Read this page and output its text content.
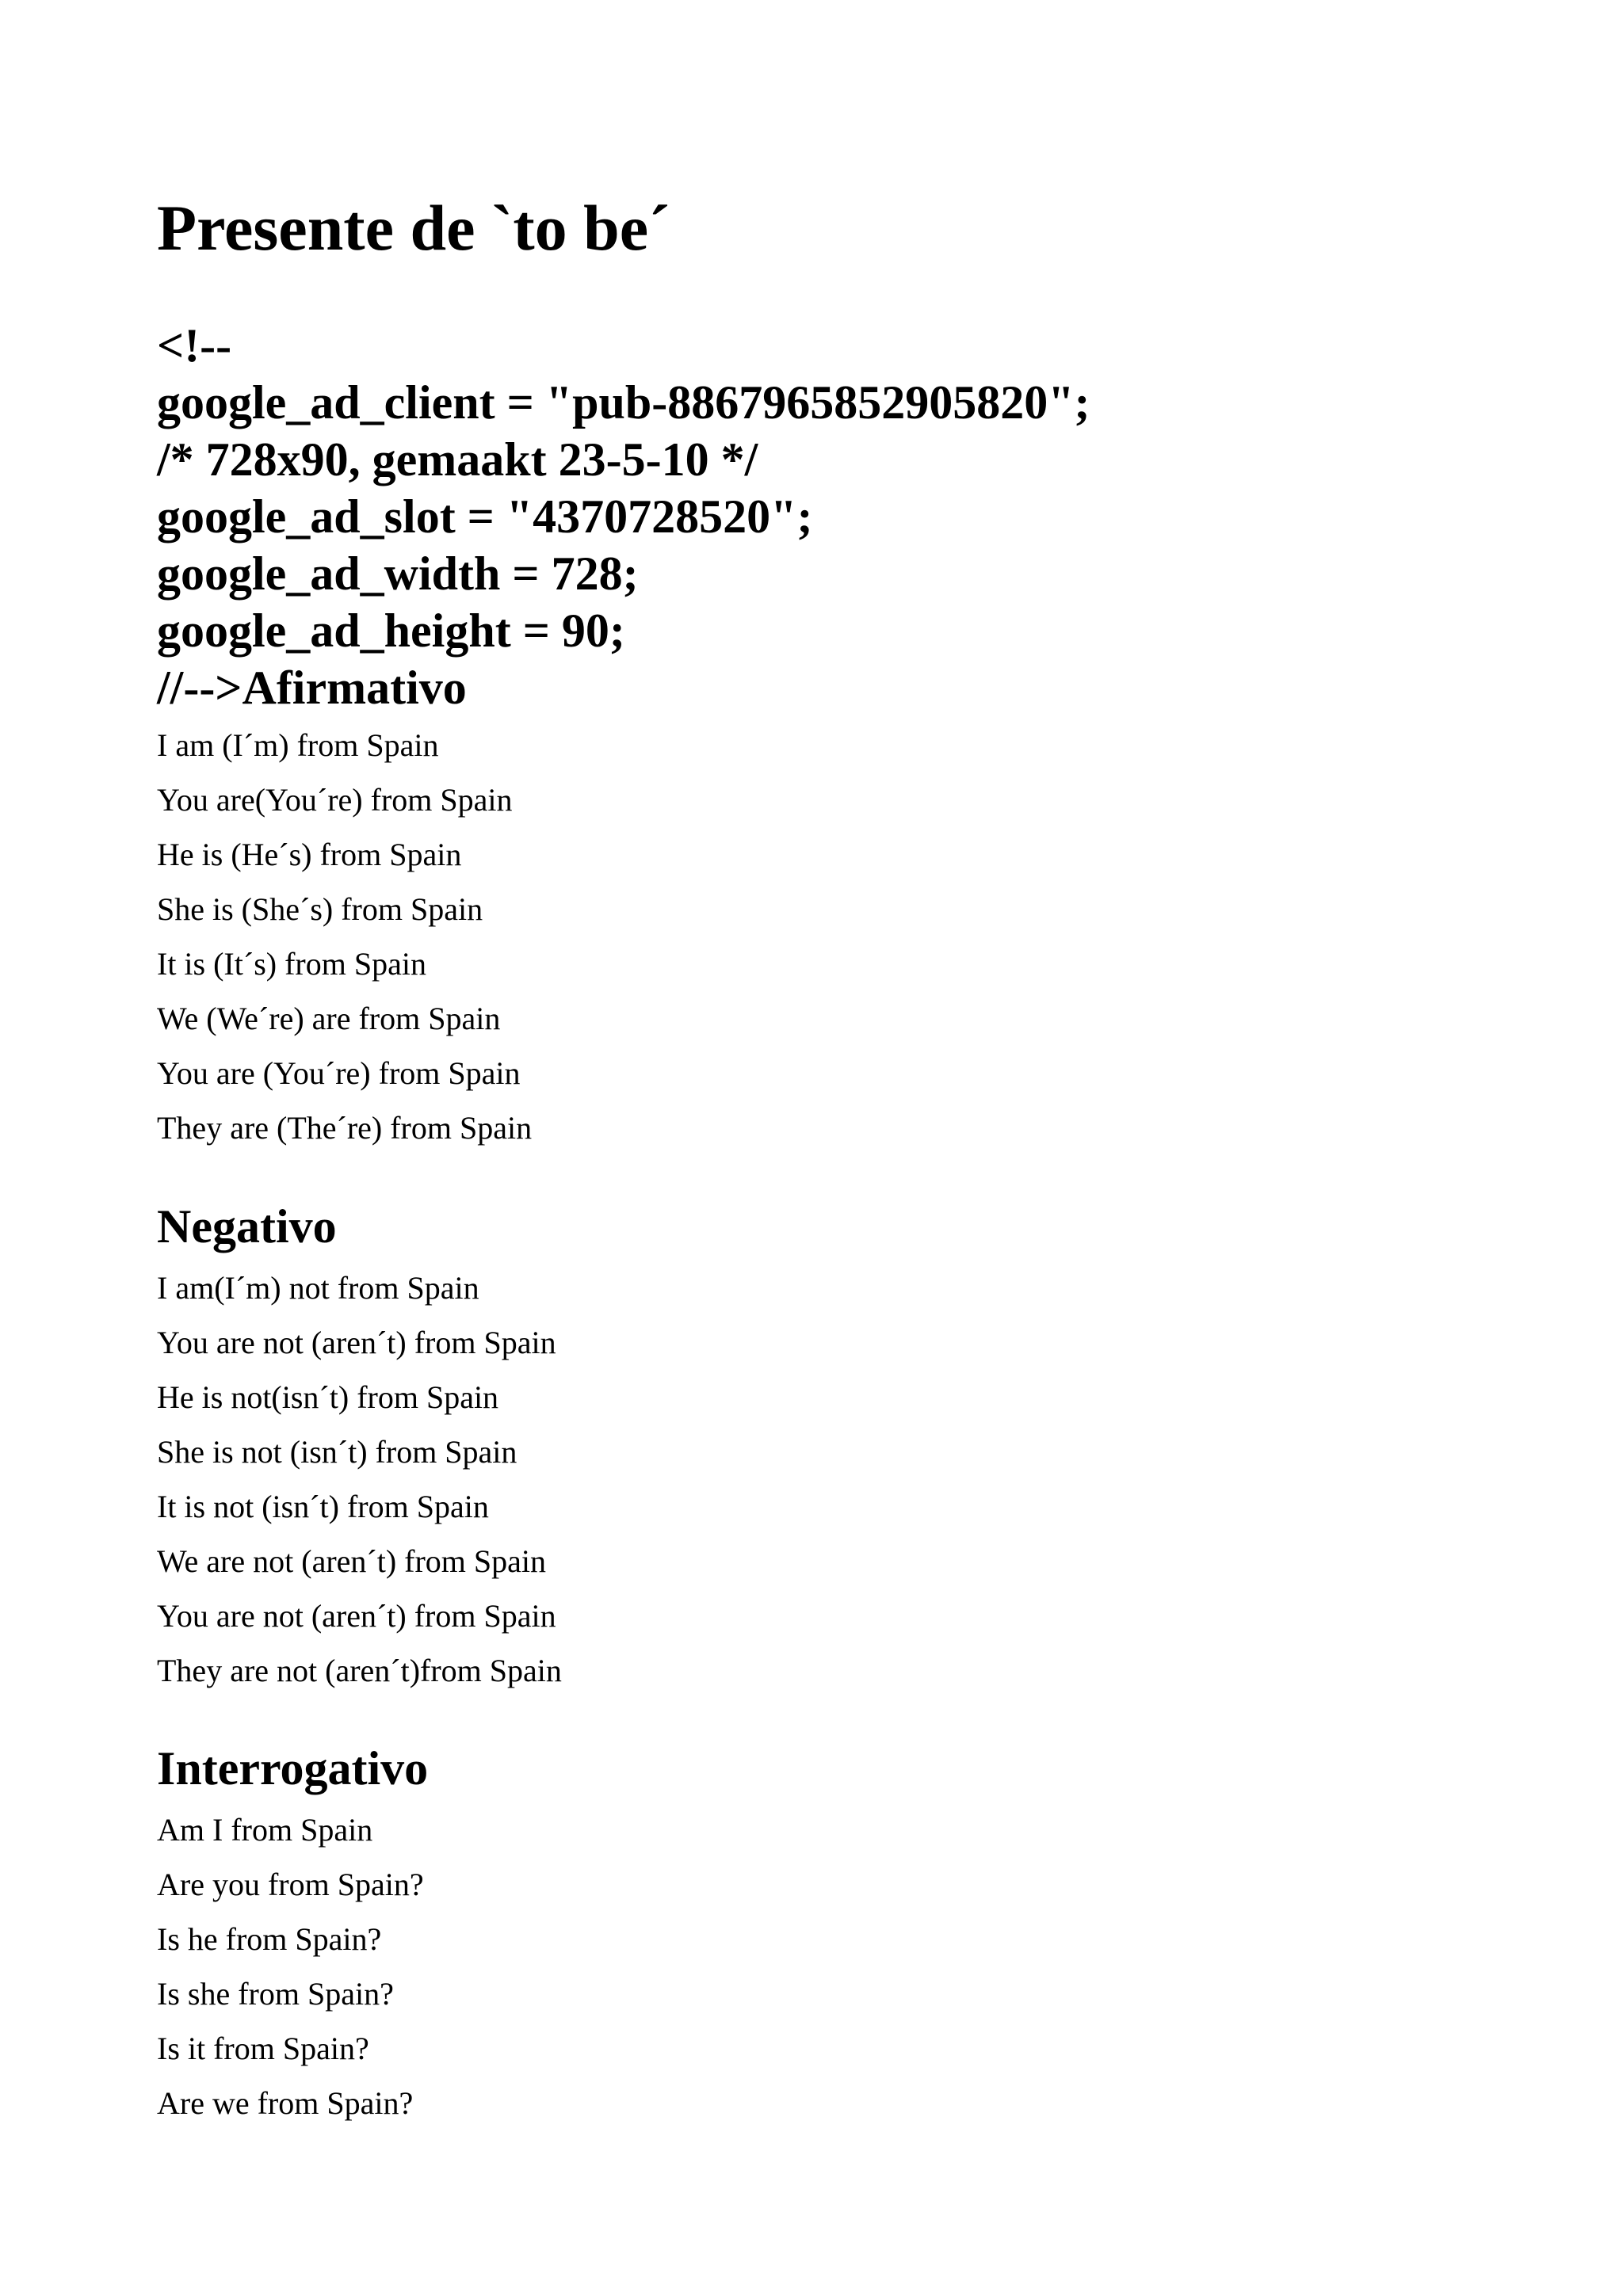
Presente de `to be´
<!--
google_ad_client = "pub-8867965852905820";
/* 728x90, gemaakt 23-5-10 */
google_ad_slot = "4370728520";
google_ad_width = 728;
google_ad_height = 90;
//-->Afirmativo
I am (I´m) from Spain
You are(You´re) from Spain
He is (He´s) from Spain
She is (She´s) from Spain
It is (It´s) from Spain
We (We´re) are from Spain
You are (You´re) from Spain
They are (The´re) from Spain
Negativo
I am(I´m) not from Spain
You are not (aren´t) from Spain
He is not(isn´t) from Spain
She is not (isn´t) from Spain
It is not (isn´t) from Spain
We are not (aren´t) from Spain
You are not (aren´t) from Spain
They are not (aren´t)from Spain
Interrogativo
Am I from Spain
Are you from Spain?
Is he from Spain?
Is she from Spain?
Is it from Spain?
Are we from Spain?
